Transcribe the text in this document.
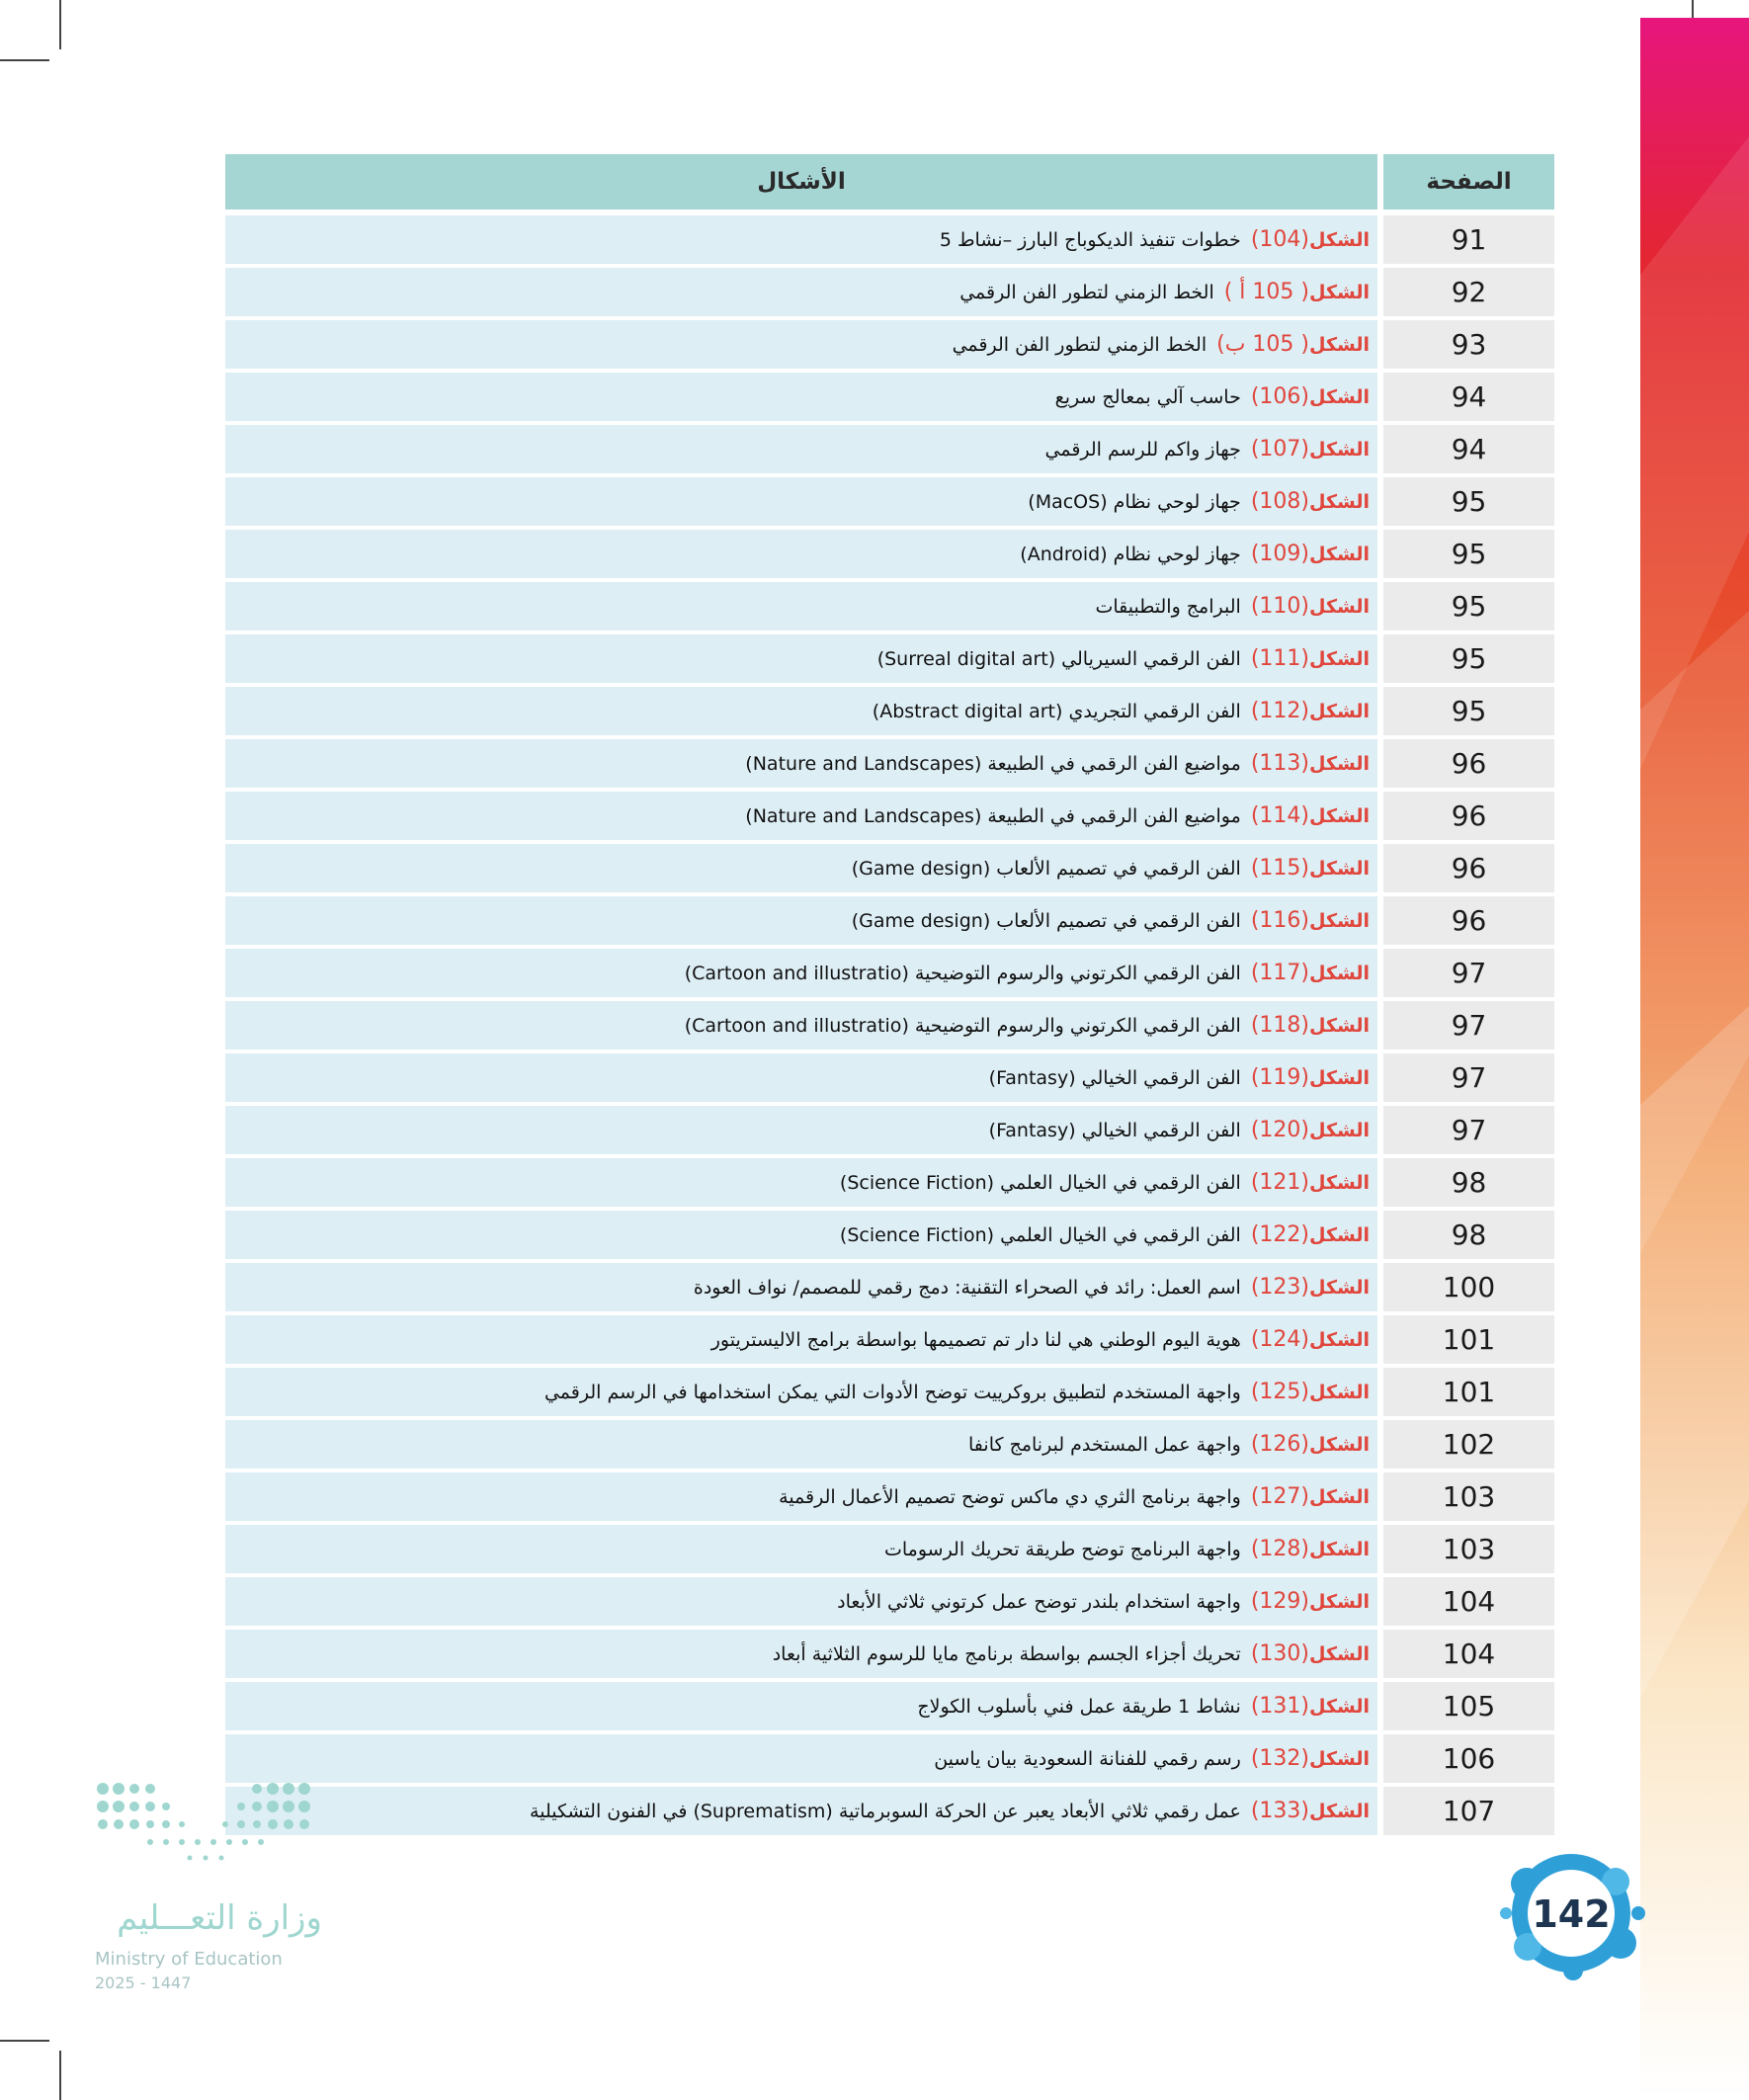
الصفحة
الأشكال
91
الشكل
(104)
خطوات تنفيذ الديكوباج البارز –نشاط 5
92
الشكل
( 105 أ )
الخط الزمني لتطور الفن الرقمي
93
الشكل
( 105 ب)
الخط الزمني لتطور الفن الرقمي
94
الشكل
(106)
حاسب آلي بمعالج سريع
94
الشكل
(107)
جهاز واكم للرسم الرقمي
95
الشكل
(108)
جهاز لوحي نظام (MacOS)
95
الشكل
(109)
جهاز لوحي نظام (Android)
95
الشكل
(110)
البرامج والتطبيقات
95
الشكل
(111)
الفن الرقمي السيريالي (Surreal digital art)
95
الشكل
(112)
الفن الرقمي التجريدي (Abstract digital art)
96
الشكل
(113)
مواضيع الفن الرقمي في الطبيعة (Nature and Landscapes)
96
الشكل
(114)
مواضيع الفن الرقمي في الطبيعة (Nature and Landscapes)
96
الشكل
(115)
الفن الرقمي في تصميم الألعاب (Game design)
96
الشكل
(116)
الفن الرقمي في تصميم الألعاب (Game design)
97
الشكل
(117)
الفن الرقمي الكرتوني والرسوم التوضيحية (Cartoon and illustratio)
97
الشكل
(118)
الفن الرقمي الكرتوني والرسوم التوضيحية (Cartoon and illustratio)
97
الشكل
(119)
الفن الرقمي الخيالي (Fantasy)
97
الشكل
(120)
الفن الرقمي الخيالي (Fantasy)
98
الشكل
(121)
الفن الرقمي في الخيال العلمي (Science Fiction)
98
الشكل
(122)
الفن الرقمي في الخيال العلمي (Science Fiction)
100
الشكل
(123)
اسم العمل: رائد في الصحراء التقنية: دمج رقمي للمصمم/ نواف العودة
101
الشكل
(124)
هوية اليوم الوطني هي لنا دار تم تصميمها بواسطة برامج الاليستريتور
101
الشكل
(125)
واجهة المستخدم لتطبيق بروكرييت توضح الأدوات التي يمكن استخدامها في الرسم الرقمي
102
الشكل
(126)
واجهة عمل المستخدم لبرنامج كانفا
103
الشكل
(127)
واجهة برنامج الثري دي ماكس توضح تصميم الأعمال الرقمية
103
الشكل
(128)
واجهة البرنامج توضح طريقة تحريك الرسومات
104
الشكل
(129)
واجهة استخدام بلندر توضح عمل كرتوني ثلاثي الأبعاد
104
الشكل
(130)
تحريك أجزاء الجسم بواسطة برنامج مايا للرسوم الثلاثية أبعاد
105
الشكل
(131)
نشاط 1 طريقة عمل فني بأسلوب الكولاج
106
الشكل
(132)
رسم رقمي للفنانة السعودية بيان ياسين
107
الشكل
(133)
عمل رقمي ثلاثي الأبعاد يعبر عن الحركة السوبرماتية (Suprematism) في الفنون التشكيلية
وزارة التعـــليم
Ministry of Education
2025 - 1447
142
